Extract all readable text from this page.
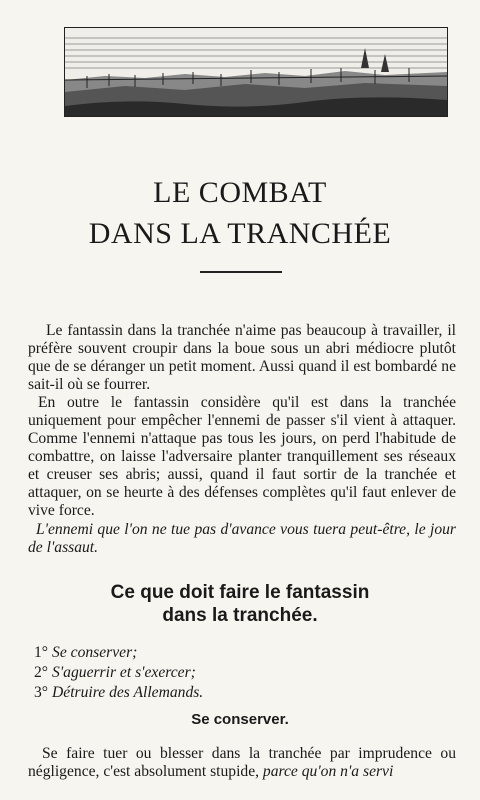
LE COMBAT
DANS LA TRANCHÉE

Le fantassin dans la tranchée n'aime pas beaucoup à travailler, il préfère souvent croupir dans la boue sous un abri médiocre plutôt que de se déranger un petit moment. Aussi quand il est bombardé ne sait-il où se fourrer.

En outre le fantassin considère qu'il est dans la tranchée uniquement pour empêcher l'ennemi de passer s'il vient à attaquer. Comme l'ennemi n'attaque pas tous les jours, on perd l'habitude de combattre, on laisse l'adversaire planter tranquillement ses réseaux et creuser ses abris; aussi, quand il faut sortir de la tranchée et attaquer, on se heurte à des défenses complètes qu'il faut enlever de vive force.

L'ennemi que l'on ne tue pas d'avance vous tuera peut-être, le jour de l'assaut.

Ce que doit faire le fantassin
dans la tranchée.
1° Se conserver;
2° S'aguerrir et s'exercer;
3° Détruire des Allemands.
Se conserver.

Se faire tuer ou blesser dans la tranchée par imprudence ou négligence, c'est absolument stupide, parce qu'on n'a servi
